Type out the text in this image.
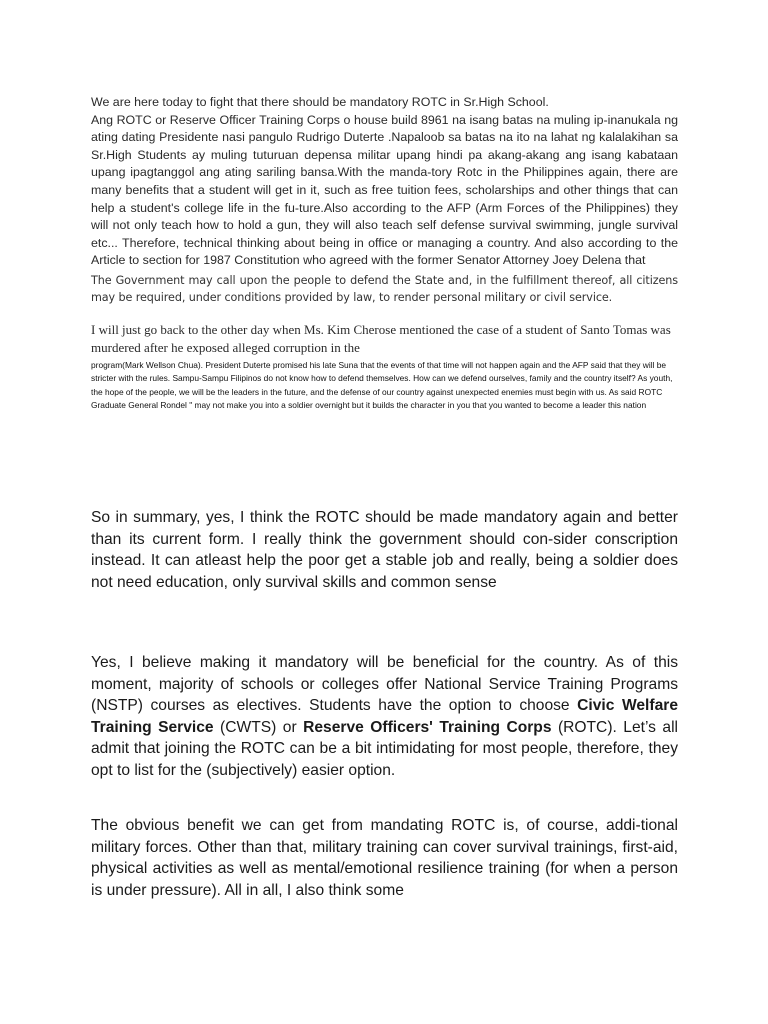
We are here today to fight that there should be mandatory ROTC in Sr.High School.
Ang ROTC or Reserve Officer Training Corps o house build 8961 na isang batas na muling ip-inanukala ng ating dating Presidente nasi pangulo Rudrigo Duterte .Napaloob sa batas na ito na lahat ng kalalakihan sa Sr.High Students ay muling tuturuan depensa militar upang hindi pa akang-akang ang isang kabataan upang ipagtanggol ang ating sariling bansa.With the manda-tory Rotc in the Philippines again, there are many benefits that a student will get in it, such as free tuition fees, scholarships and other things that can help a student's college life in the fu-ture.Also according to the AFP (Arm Forces of the Philippines) they will not only teach how to hold a gun, they will also teach self defense survival swimming, jungle survival etc... Therefore, technical thinking about being in office or managing a country. And also according to the Article to section for 1987 Constitution who agreed with the former Senator Attorney Joey Delena that
The Government may call upon the people to defend the State and, in the fulfillment thereof, all citizens may be required, under conditions provided by law, to render personal military or civil service.
I will just go back to the other day when Ms. Kim Cherose mentioned the case of a student of Santo Tomas was murdered after he exposed alleged corruption in the
program(Mark Wellson Chua). President Duterte promised his late Suna that the events of that time will not happen again and the AFP said that they will be stricter with the rules. Sampu-Sampu Filipinos do not know how to defend themselves. How can we defend ourselves, family and the country itself? As youth, the hope of the people, we will be the leaders in the future, and the defense of our country against unexpected enemies must begin with us. As said ROTC Graduate General Rondel " may not make you into a soldier overnight but it builds the character in you that you wanted to become a leader this nation
So in summary, yes, I think the ROTC should be made mandatory again and better than its current form. I really think the government should con-sider conscription instead. It can atleast help the poor get a stable job and really, being a soldier does not need education, only survival skills and common sense
Yes, I believe making it mandatory will be beneficial for the country. As of this moment, majority of schools or colleges offer National Service Training Programs (NSTP) courses as electives. Students have the option to choose Civic Welfare Training Service (CWTS) or Reserve Officers' Training Corps (ROTC). Let’s all admit that joining the ROTC can be a bit intimidating for most people, therefore, they opt to list for the (subjectively) easier option.
The obvious benefit we can get from mandating ROTC is, of course, addi-tional military forces. Other than that, military training can cover survival trainings, first-aid, physical activities as well as mental/emotional resilience training (for when a person is under pressure). All in all, I also think some
